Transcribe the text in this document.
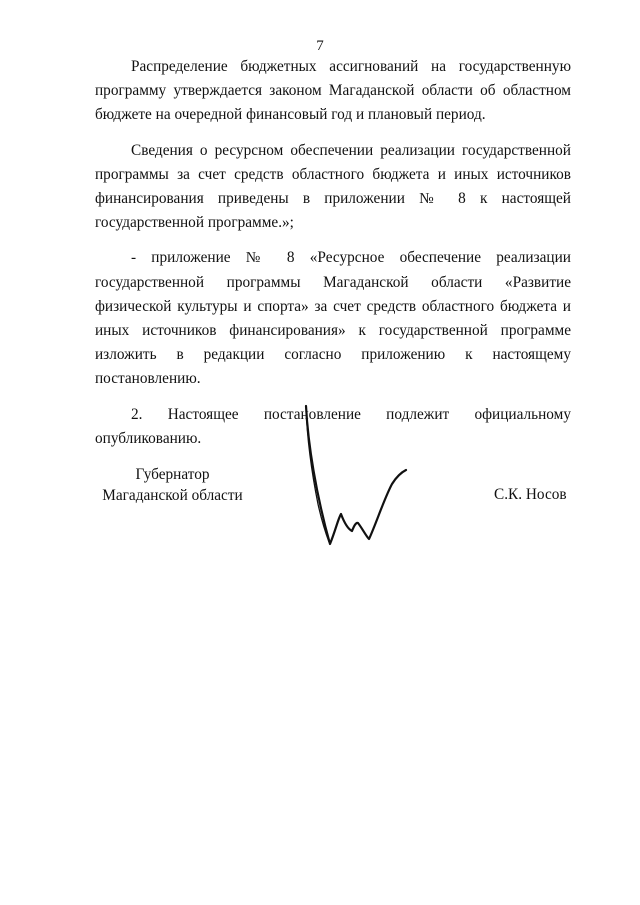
7

Распределение бюджетных ассигнований на государственную программу утверждается законом Магаданской области об областном бюджете на очередной финансовый год и плановый период.

Сведения о ресурсном обеспечении реализации государственной программы за счет средств областного бюджета и иных источников финансирования приведены в приложении № 8 к настоящей государственной программе.»;

- приложение № 8 «Ресурсное обеспечение реализации государственной программы Магаданской области «Развитие физической культуры и спорта» за счет средств областного бюджета и иных источников финансирования» к государственной программе изложить в редакции согласно приложению к настоящему постановлению.

2. Настоящее постановление подлежит официальному опубликованию.

Губернатор
Магаданской области	С.К. Носов
